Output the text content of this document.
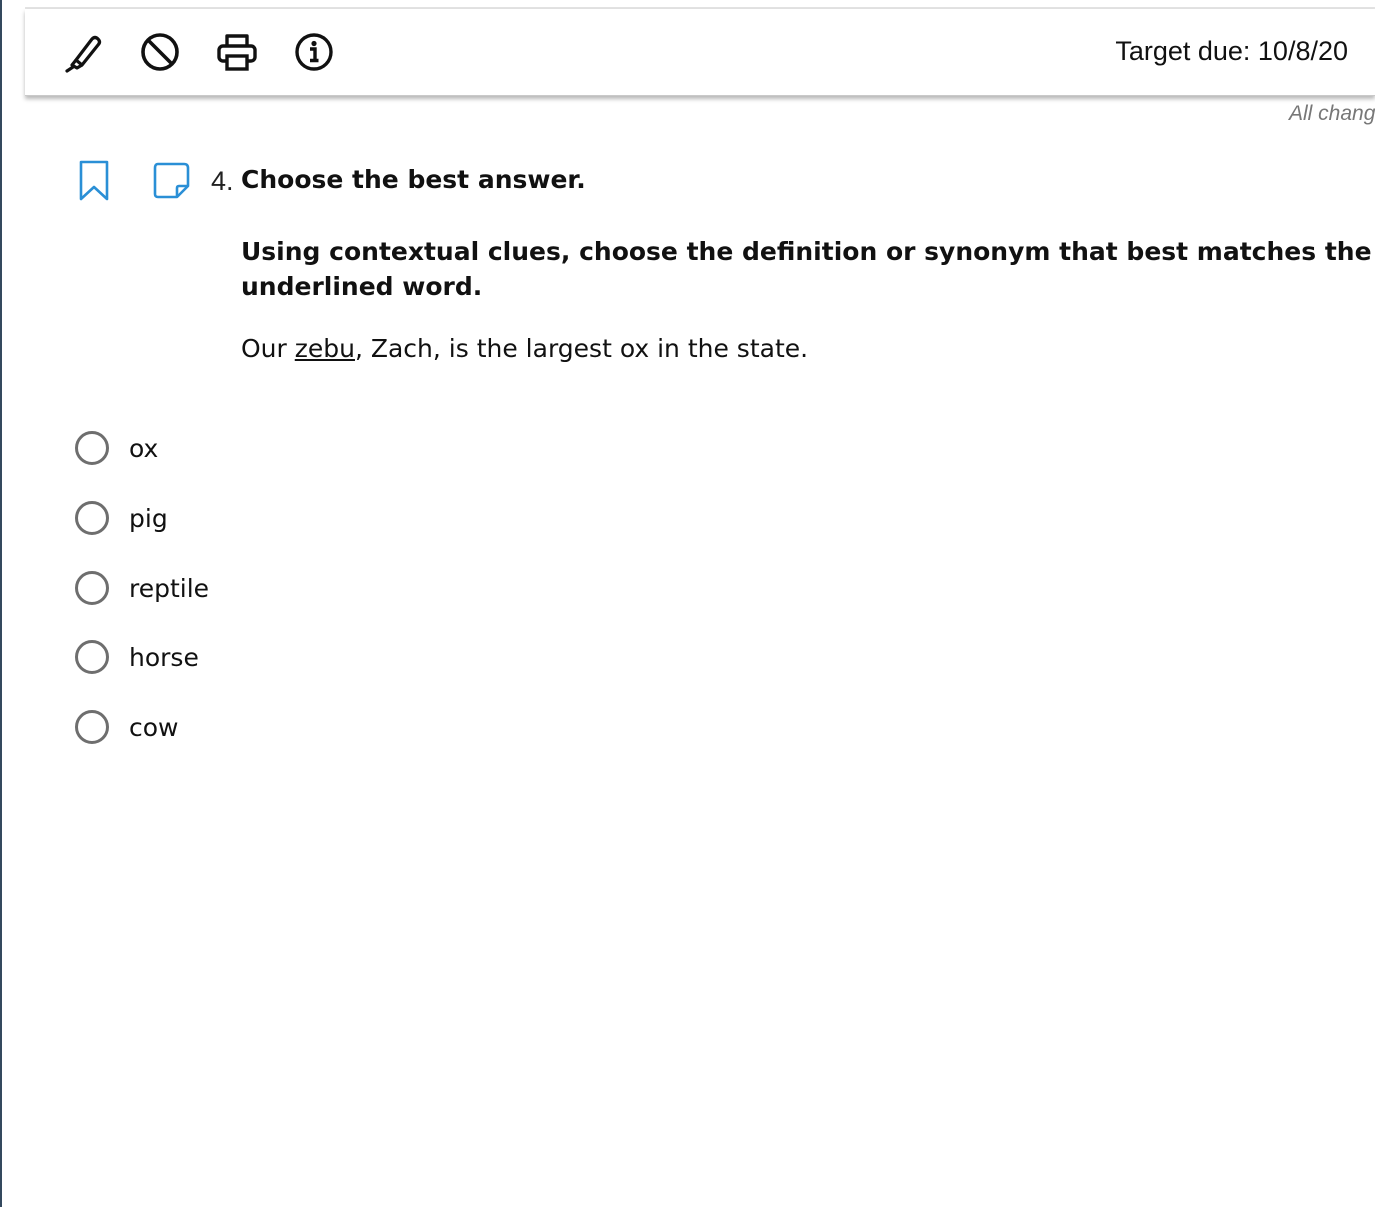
Target due: 10/8/20
All chang
4. Choose the best answer.
Using contextual clues, choose the definition or synonym that best matches the underlined word.
Our zebu, Zach, is the largest ox in the state.
ox
pig
reptile
horse
cow
